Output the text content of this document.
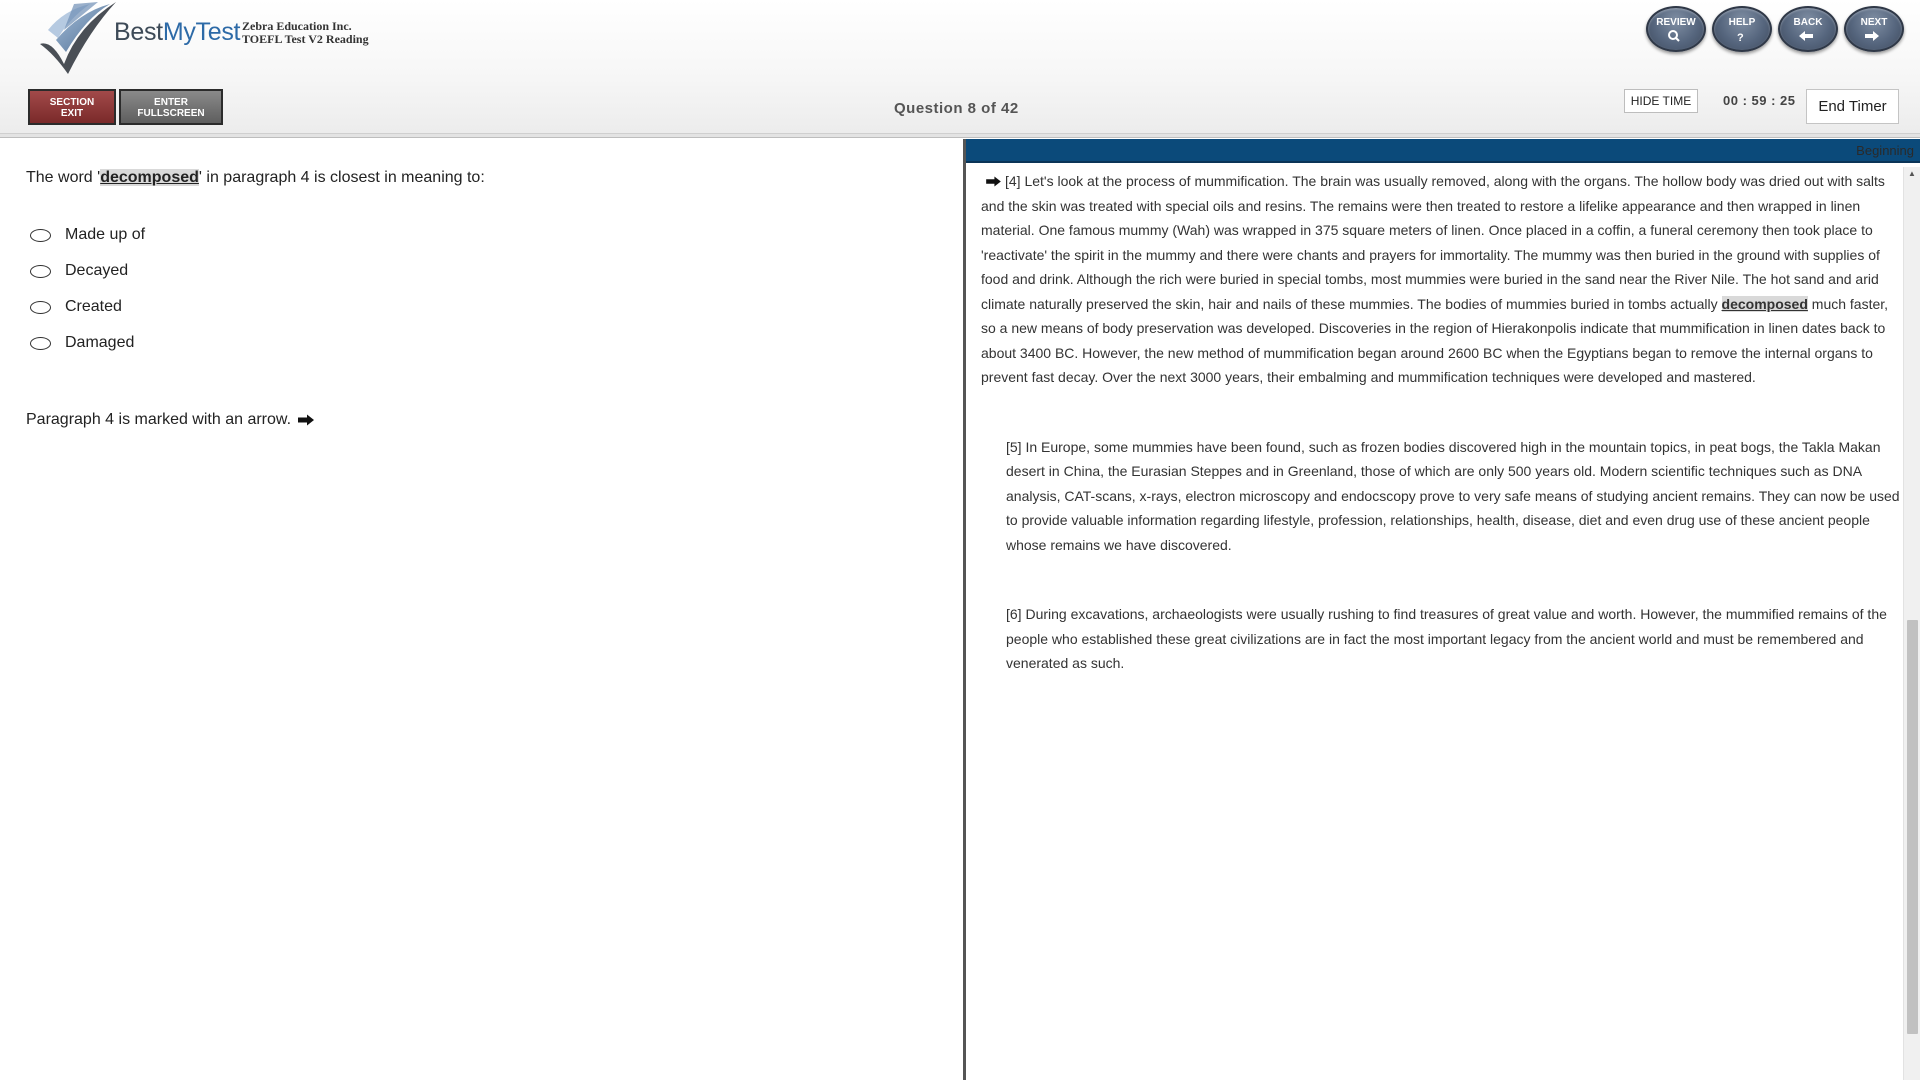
BestMyTest Zebra Education Inc.
TOEFL Test V2 Reading
REVIEW	HELP
?
BACK	NEXT
SECTION
EXIT
ENTER
FULLSCREEN	Question 8 of 42	HIDE TIME	00 : 59 : 25	End Timer
The word 'decomposed' in paragraph 4 is closest in meaning to:
Made up of
Decayed
Created
Damaged
Paragraph 4 is marked with an arrow.
Beginning

[4] Let's look at the process of mummification. The brain was usually removed, along with the organs. The hollow body was dried out with salts and the skin was treated with special oils and resins. The remains were then treated to restore a lifelike appearance and then wrapped in linen material. One famous mummy (Wah) was wrapped in 375 square meters of linen. Once placed in a coffin, a funeral ceremony then took place to 'reactivate' the spirit in the mummy and there were chants and prayers for immortality. The mummy was then buried in the ground with supplies of food and drink. Although the rich were buried in special tombs, most mummies were buried in the sand near the River Nile. The hot sand and arid climate naturally preserved the skin, hair and nails of these mummies. The bodies of mummies buried in tombs actually decomposed much faster, so a new means of body preservation was developed. Discoveries in the region of Hierakonpolis indicate that mummification in linen dates back to about 3400 BC. However, the new method of mummification began around 2600 BC when the Egyptians began to remove the internal organs to prevent fast decay. Over the next 3000 years, their embalming and mummification techniques were developed and mastered.

[5] In Europe, some mummies have been found, such as frozen bodies discovered high in the mountain topics, in peat bogs, the Takla Makan desert in China, the Eurasian Steppes and in Greenland, those of which are only 500 years old. Modern scientific techniques such as DNA analysis, CAT-scans, x-rays, electron microscopy and endocscopy prove to very safe means of studying ancient remains. They can now be used to provide valuable information regarding lifestyle, profession, relationships, health, disease, diet and even drug use of these ancient people whose remains we have discovered.

[6] During excavations, archaeologists were usually rushing to find treasures of great value and worth. However, the mummified remains of the people who established these great civilizations are in fact the most important legacy from the ancient world and must be remembered and venerated as such.

▲
